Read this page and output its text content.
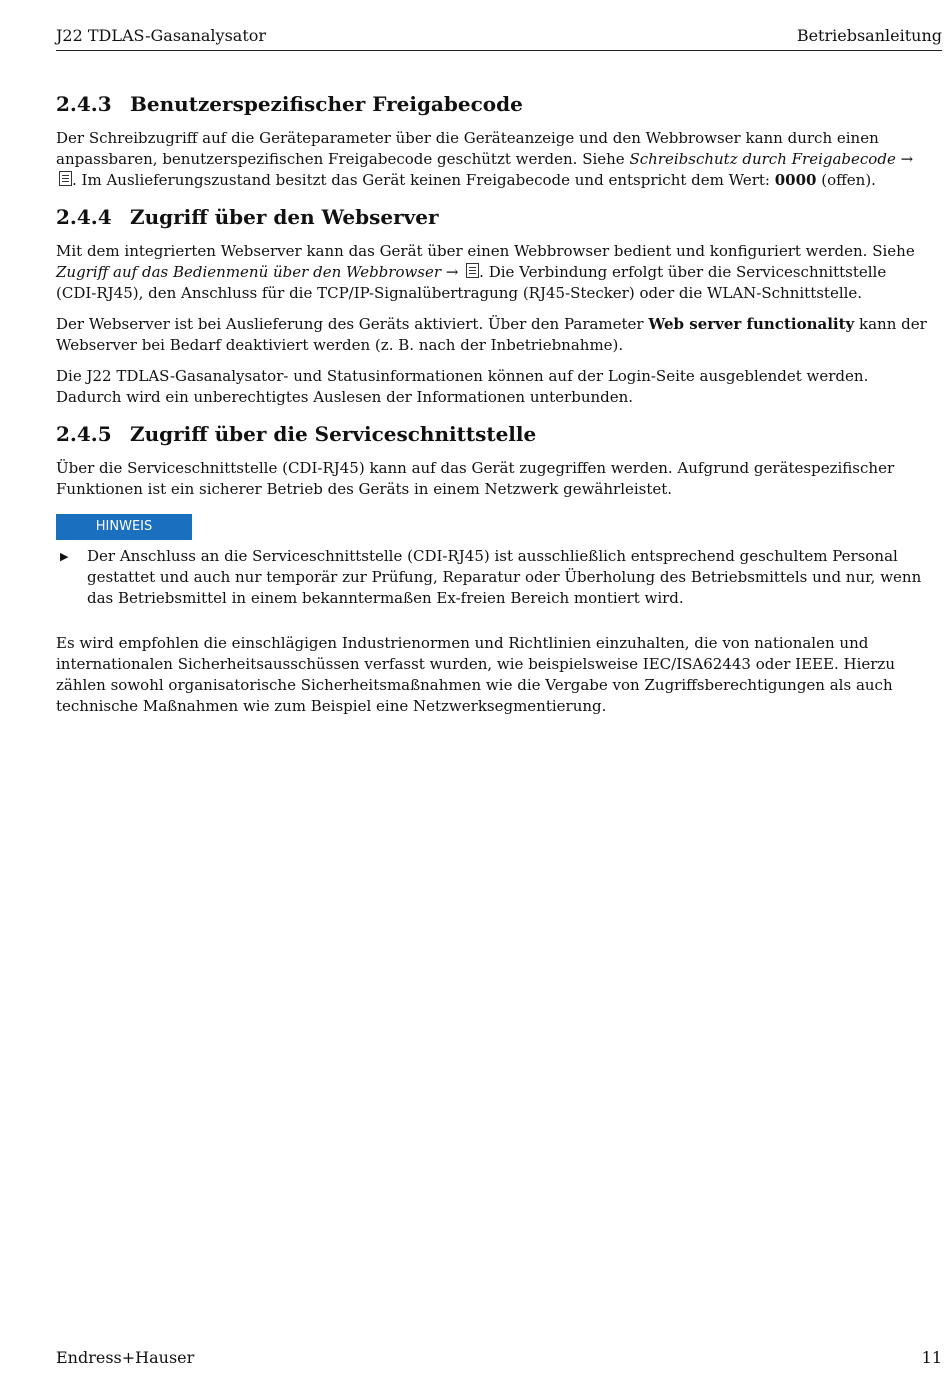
J22 TDLAS-Gasanalysator	Betriebsanleitung
2.4.3 Benutzerspezifischer Freigabecode

Der Schreibzugriff auf die Geräteparameter über die Geräteanzeige und den Webbrowser kann durch einen anpassbaren, benutzerspezifischen Freigabecode geschützt werden. Siehe Schreibschutz durch Freigabecode → . Im Auslieferungszustand besitzt das Gerät keinen Freigabecode und entspricht dem Wert: 0000 (offen).

2.4.4 Zugriff über den Webserver

Mit dem integrierten Webserver kann das Gerät über einen Webbrowser bedient und konfiguriert werden. Siehe Zugriff auf das Bedienmenü über den Webbrowser → . Die Verbindung erfolgt über die Serviceschnittstelle (CDI-RJ45), den Anschluss für die TCP/IP-Signalübertragung (RJ45-Stecker) oder die WLAN-Schnittstelle.

Der Webserver ist bei Auslieferung des Geräts aktiviert. Über den Parameter Web server functionality kann der Webserver bei Bedarf deaktiviert werden (z. B. nach der Inbetriebnahme).

Die J22 TDLAS-Gasanalysator- und Statusinformationen können auf der Login-Seite ausgeblendet werden. Dadurch wird ein unberechtigtes Auslesen der Informationen unterbunden.

2.4.5 Zugriff über die Serviceschnittstelle

Über die Serviceschnittstelle (CDI-RJ45) kann auf das Gerät zugegriffen werden. Aufgrund gerätespezifischer Funktionen ist ein sicherer Betrieb des Geräts in einem Netzwerk gewährleistet.

HINWEIS
▶ Der Anschluss an die Serviceschnittstelle (CDI-RJ45) ist ausschließlich entsprechend geschultem Personal gestattet und auch nur temporär zur Prüfung, Reparatur oder Überholung des Betriebsmittels und nur, wenn das Betriebsmittel in einem bekanntermaßen Ex-freien Bereich montiert wird.

Es wird empfohlen die einschlägigen Industrienormen und Richtlinien einzuhalten, die von nationalen und internationalen Sicherheitsausschüssen verfasst wurden, wie beispielsweise IEC/ISA62443 oder IEEE. Hierzu zählen sowohl organisatorische Sicherheitsmaßnahmen wie die Vergabe von Zugriffsberechtigungen als auch technische Maßnahmen wie zum Beispiel eine Netzwerksegmentierung.

Endress+Hauser	11
